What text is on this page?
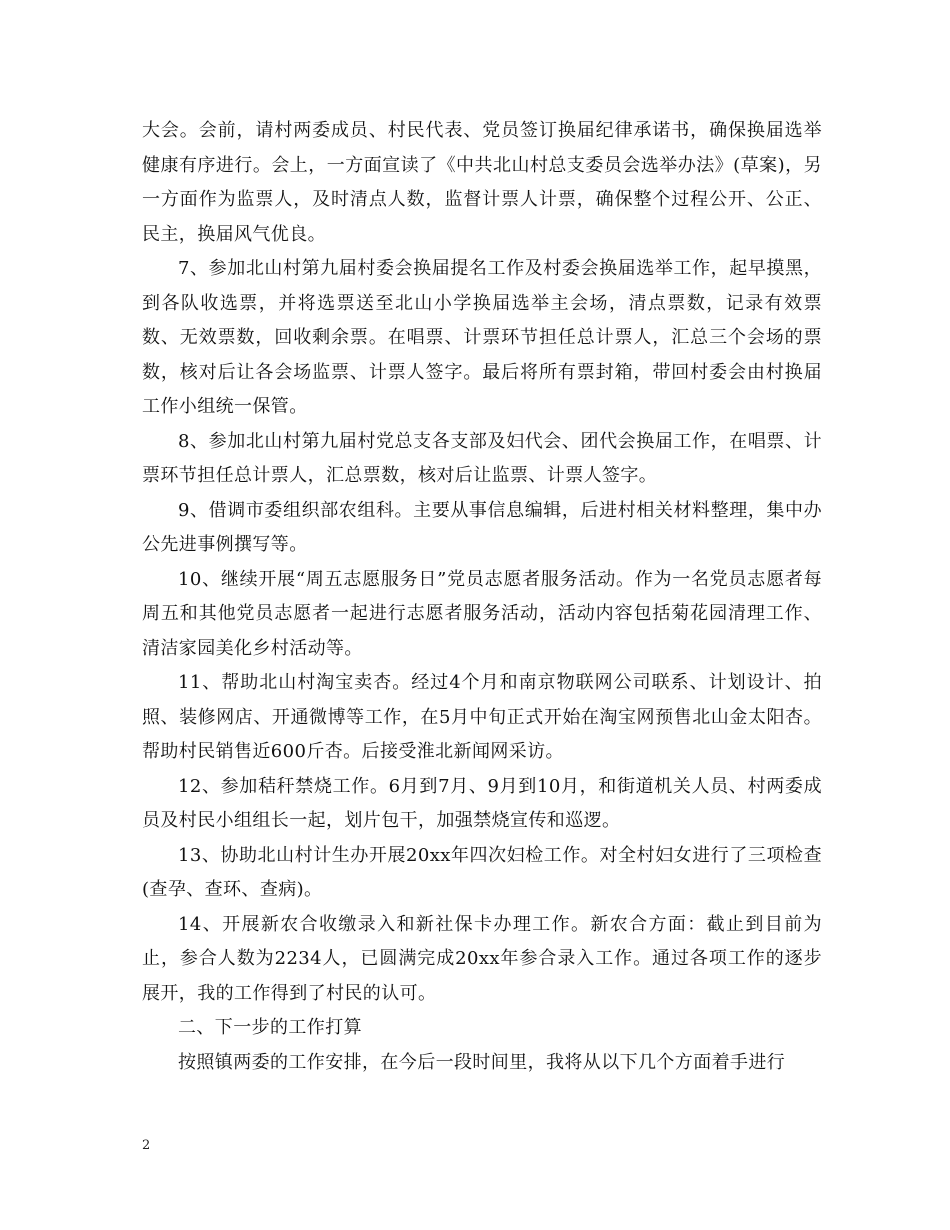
大会。会前，请村两委成员、村民代表、党员签订换届纪律承诺书，确保换届选举健康有序进行。会上，一方面宣读了《中共北山村总支委员会选举办法》(草案)，另一方面作为监票人，及时清点人数，监督计票人计票，确保整个过程公开、公正、民主，换届风气优良。

7、参加北山村第九届村委会换届提名工作及村委会换届选举工作，起早摸黑，到各队收选票，并将选票送至北山小学换届选举主会场，清点票数，记录有效票数、无效票数，回收剩余票。在唱票、计票环节担任总计票人，汇总三个会场的票数，核对后让各会场监票、计票人签字。最后将所有票封箱，带回村委会由村换届工作小组统一保管。

8、参加北山村第九届村党总支各支部及妇代会、团代会换届工作，在唱票、计票环节担任总计票人，汇总票数，核对后让监票、计票人签字。

9、借调市委组织部农组科。主要从事信息编辑，后进村相关材料整理，集中办公先进事例撰写等。

10、继续开展“周五志愿服务日”党员志愿者服务活动。作为一名党员志愿者每周五和其他党员志愿者一起进行志愿者服务活动，活动内容包括菊花园清理工作、清洁家园美化乡村活动等。

11、帮助北山村淘宝卖杏。经过4个月和南京物联网公司联系、计划设计、拍照、装修网店、开通微博等工作，在5月中旬正式开始在淘宝网预售北山金太阳杏。帮助村民销售近600斤杏。后接受淮北新闻网采访。

12、参加秸秆禁烧工作。6月到7月、9月到10月，和街道机关人员、村两委成员及村民小组组长一起，划片包干，加强禁烧宣传和巡逻。

13、协助北山村计生办开展20xx年四次妇检工作。对全村妇女进行了三项检查(查孕、查环、查病)。

14、开展新农合收缴录入和新社保卡办理工作。新农合方面：截止到目前为止，参合人数为2234人，已圆满完成20xx年参合录入工作。通过各项工作的逐步展开，我的工作得到了村民的认可。

二、下一步的工作打算

按照镇两委的工作安排，在今后一段时间里，我将从以下几个方面着手进行

2
